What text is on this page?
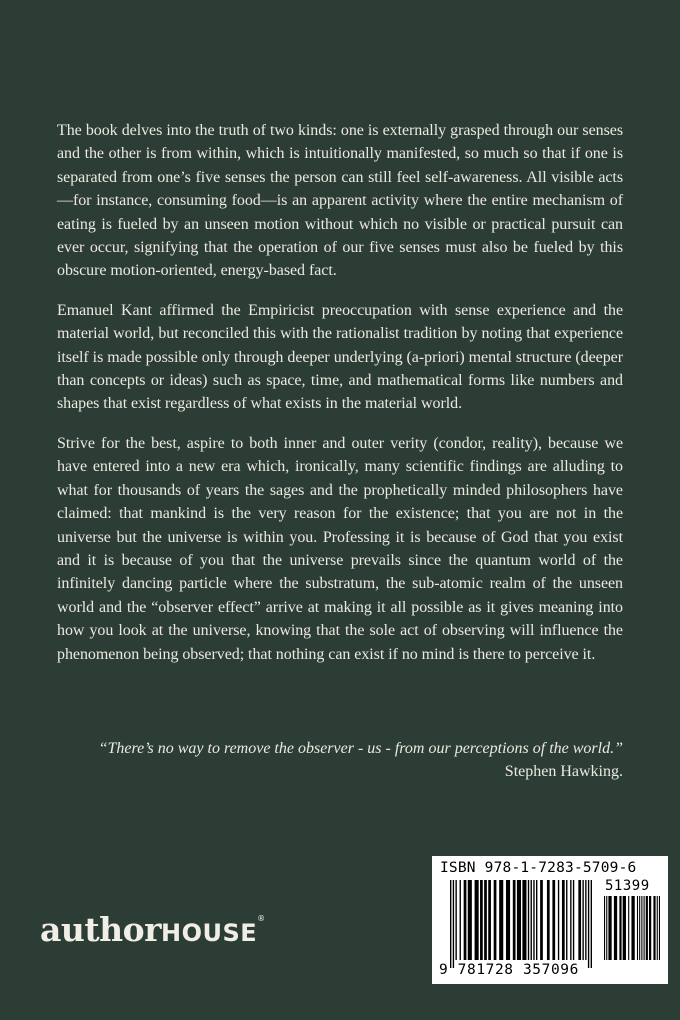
The book delves into the truth of two kinds: one is externally grasped through our senses and the other is from within, which is intuitionally manifested, so much so that if one is separated from one’s five senses the person can still feel self-awareness. All visible acts—for instance, consuming food—is an apparent activity where the entire mechanism of eating is fueled by an unseen motion without which no visible or practical pursuit can ever occur, signifying that the operation of our five senses must also be fueled by this obscure motion-oriented, energy-based fact.

Emanuel Kant affirmed the Empiricist preoccupation with sense experience and the material world, but reconciled this with the rationalist tradition by noting that experience itself is made possible only through deeper underlying (a-priori) mental structure (deeper than concepts or ideas) such as space, time, and mathematical forms like numbers and shapes that exist regardless of what exists in the material world.

Strive for the best, aspire to both inner and outer verity (condor, reality), because we have entered into a new era which, ironically, many scientific findings are alluding to what for thousands of years the sages and the prophetically minded philosophers have claimed: that mankind is the very reason for the existence; that you are not in the universe but the universe is within you. Professing it is because of God that you exist and it is because of you that the universe prevails since the quantum world of the infinitely dancing particle where the substratum, the sub-atomic realm of the unseen world and the “observer effect” arrive at making it all possible as it gives meaning into how you look at the universe, knowing that the sole act of observing will influence the phenomenon being observed; that nothing can exist if no mind is there to perceive it.

“There’s no way to remove the observer - us - from our perceptions of the world.”
Stephen Hawking.
authorHOUSE®
ISBN 978-1-7283-5709-6
51399
9 781728 357096
